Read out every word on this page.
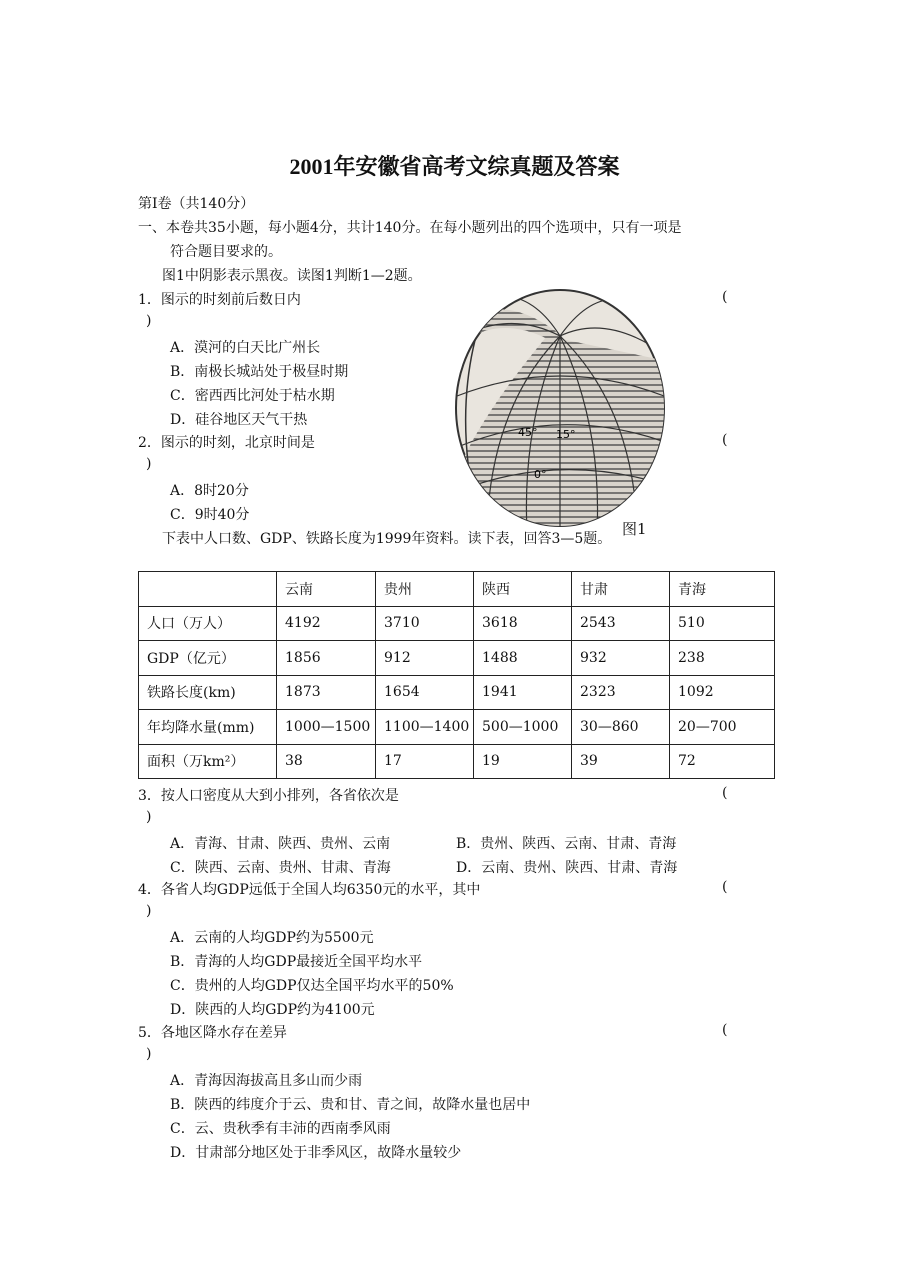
2001年安徽省高考文综真题及答案
第Ⅰ卷（共140分）
一、本卷共35小题，每小题4分，共计140分。在每小题列出的四个选项中，只有一项是
符合题目要求的。
图1中阴影表示黑夜。读图1判断1—2题。
1．图示的时刻前后数日内	(
)
A．漠河的白天比广州长
B．南极长城站处于极昼时期
C．密西西比河处于枯水期
D．硅谷地区天气干热
2．图示的时刻，北京时间是	(
)
A．8时20分
C．9时40分
下表中人口数、GDP、铁路长度为1999年资料。读下表，回答3—5题。
45° 15°
0°
图1
	云南	贵州	陕西	甘肃	青海
人口（万人）	4192	3710	3618	2543	510
GDP（亿元）	1856	912	1488	932	238
铁路长度(km)	1873	1654	1941	2323	1092
年均降水量(mm)	1000—1500	1100—1400	500—1000	30—860	20—700
面积（万km²）	38	17	19	39	72
3．按人口密度从大到小排列，各省依次是	(
)
A．青海、甘肃、陕西、贵州、云南	B．贵州、陕西、云南、甘肃、青海
C．陕西、云南、贵州、甘肃、青海	D．云南、贵州、陕西、甘肃、青海
4．各省人均GDP远低于全国人均6350元的水平，其中	(
)
A．云南的人均GDP约为5500元
B．青海的人均GDP最接近全国平均水平
C．贵州的人均GDP仅达全国平均水平的50%
D．陕西的人均GDP约为4100元
5．各地区降水存在差异	(
)
A．青海因海拔高且多山而少雨
B．陕西的纬度介于云、贵和甘、青之间，故降水量也居中
C．云、贵秋季有丰沛的西南季风雨
D．甘肃部分地区处于非季风区，故降水量较少
